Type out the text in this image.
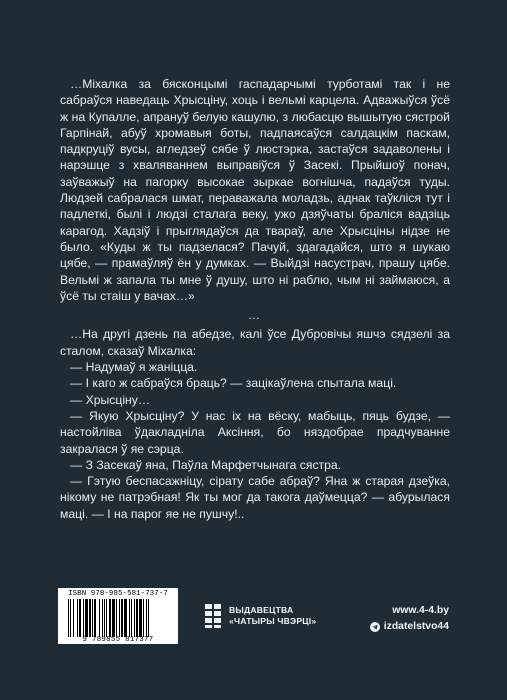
…Міхалка за бясконцымі гаспадарчымі турботамі так і не сабраўся наведаць Хрысціну, хоць і вельмі карцела. Адважыўся ўсё ж на Купалле, апрануў белую кашулю, з любасцю вышытую сястрой Гарпінай, абуў хромавыя боты, падпаясаўся салдацкім паскам, падкруціў вусы, агледзеў сябе ў люстэрка, застаўся задаволены і нарэшце з хваляваннем выправіўся ў Засекі. Прыйшоў понач, заўважыў на пагорку высокае зыркае вогнішча, падаўся туды. Людзей сабралася шмат, пераважала моладзь, аднак таўкліся тут і падлеткі, былі і людзі сталага веку, ужо дзяўчаты браліся вадзіць карагод. Хадзіў і прыглядаўся да твараў, але Хрысціны нідзе не было. «Куды ж ты падзелася? Пачуй, здагадайся, што я шукаю цябе, — прамаўляў ён у думках. — Выйдзі насустрач, прашу цябе. Вельмі ж запала ты мне ў душу, што ні раблю, чым ні займаюся, а ўсё ты стаіш у вачах…»

…

…На другі дзень па абедзе, калі ўсе Дубровічы яшчэ сядзелі за сталом, сказаў Міхалка:

— Надумаў я жаніцца.

— І каго ж сабраўся браць? — зацікаўлена спытала маці.

— Хрысціну…

— Якую Хрысціну? У нас іх на вёску, мабыць, пяць будзе, — настойліва ўдакладніла Аксіння, бо няздобрае прадчуванне закралася ў яе сэрца.

— З Засекаў яна, Паўла Марфетчынага сястра.

— Гэтую беспасажніцу, сірату сабе абраў? Яна ж старая дзеўка, нікому не патрэбная! Як ты мог да такога даўмецца? — абурылася маці. — І на парог яе не пушчу!..

ISBN 978-985-581-737-7
9 789855 817377
ВЫДАВЕЦТВА
«ЧАТЫРЫ ЧВЭРЦІ»
www.4-4.by
izdatelstvo44
